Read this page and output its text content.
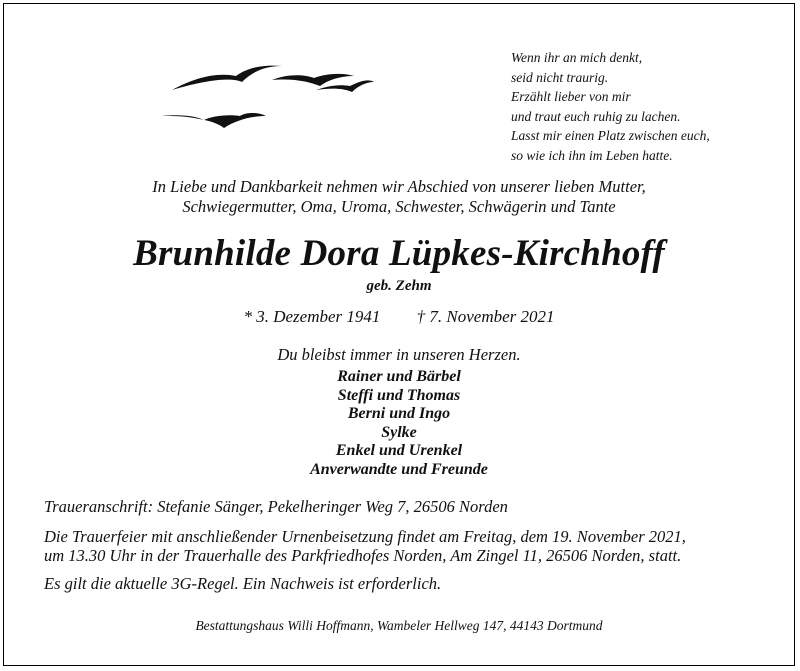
Wenn ihr an mich denkt,
seid nicht traurig.
Erzählt lieber von mir
und traut euch ruhig zu lachen.
Lasst mir einen Platz zwischen euch,
so wie ich ihn im Leben hatte.
In Liebe und Dankbarkeit nehmen wir Abschied von unserer lieben Mutter,
Schwiegermutter, Oma, Uroma, Schwester, Schwägerin und Tante
Brunhilde Dora Lüpkes-Kirchhoff
geb. Zehm
* 3. Dezember 1941 † 7. November 2021
Du bleibst immer in unseren Herzen.
Rainer und Bärbel
Steffi und Thomas
Berni und Ingo
Sylke
Enkel und Urenkel
Anverwandte und Freunde
Traueranschrift: Stefanie Sänger, Pekelheringer Weg 7, 26506 Norden
Die Trauerfeier mit anschließender Urnenbeisetzung findet am Freitag, dem 19. November 2021,
um 13.30 Uhr in der Trauerhalle des Parkfriedhofes Norden, Am Zingel 11, 26506 Norden, statt.
Es gilt die aktuelle 3G-Regel. Ein Nachweis ist erforderlich.
Bestattungshaus Willi Hoffmann, Wambeler Hellweg 147, 44143 Dortmund
